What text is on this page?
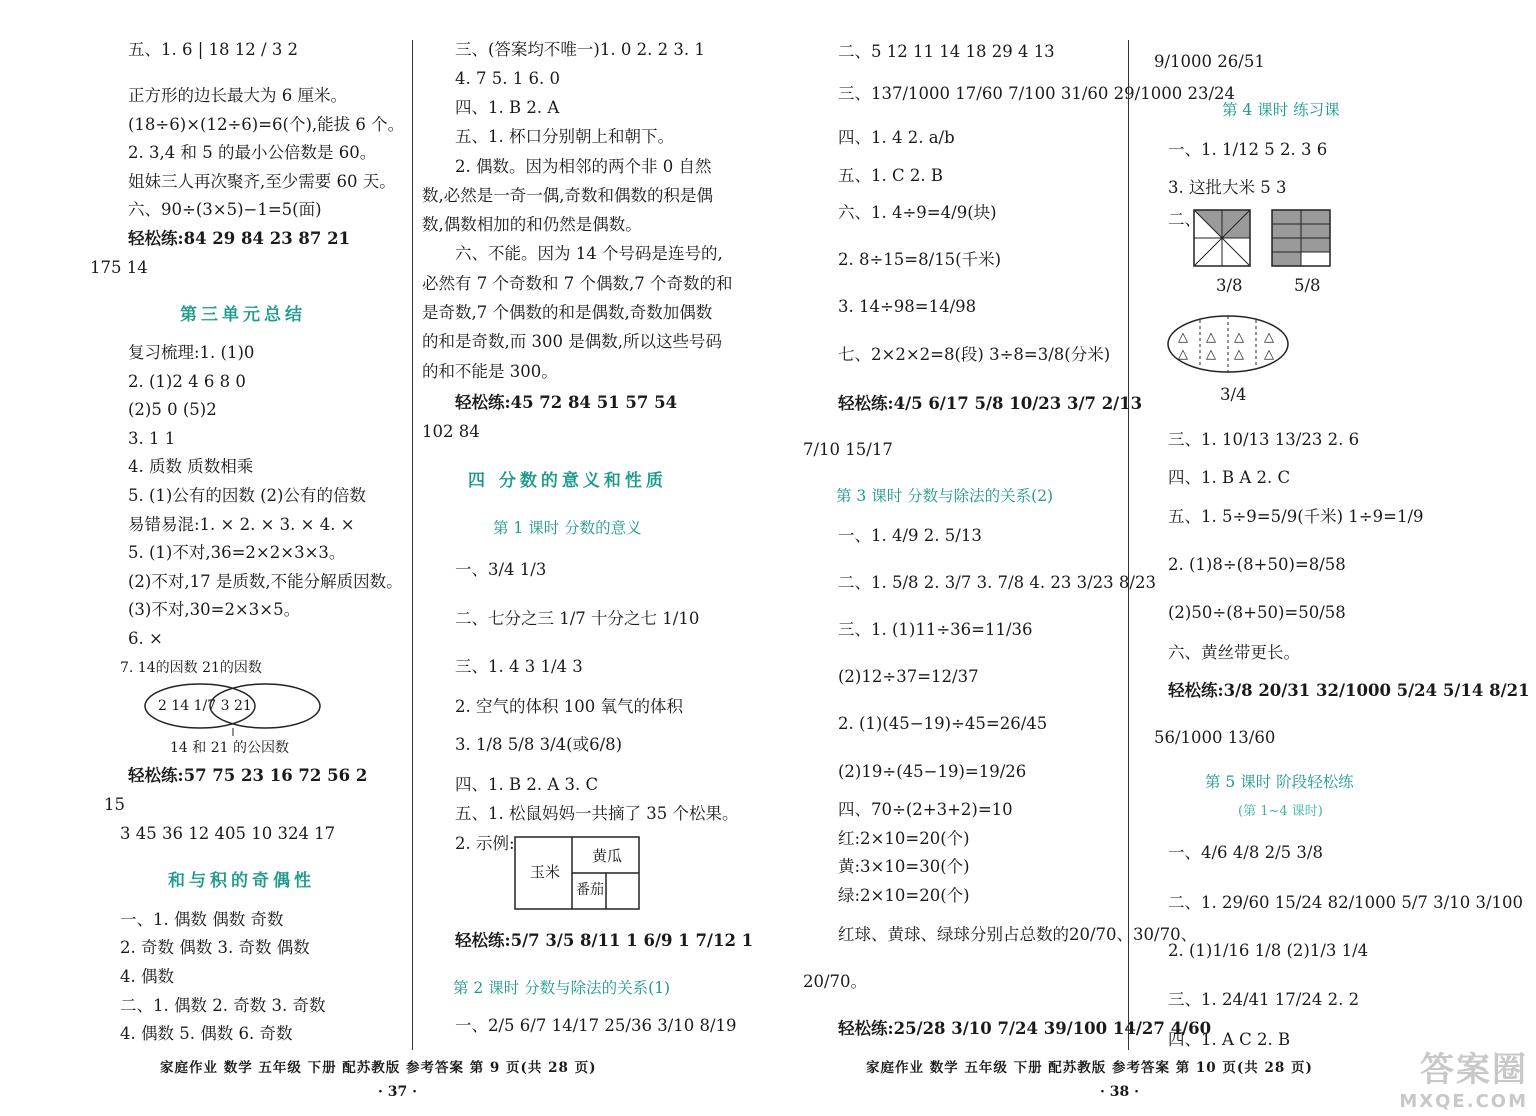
五、1. 6 | 18 12 / 3 2
正方形的边长最大为 6 厘米。
(18÷6)×(12÷6)=6(个),能拔 6 个。
2. 3,4 和 5 的最小公倍数是 60。
姐妹三人再次聚齐,至少需要 60 天。
六、90÷(3×5)−1=5(面)
轻松练:84 29 84 23 87 21
175 14
第三单元总结
复习梳理:1. (1)0
2. (1)2 4 6 8 0
(2)5 0 (5)2
3. 1 1
4. 质数 质数相乘
5. (1)公有的因数 (2)公有的倍数
易错易混:1. × 2. × 3. × 4. ×
5. (1)不对,36=2×2×3×3。
(2)不对,17 是质数,不能分解质因数。
(3)不对,30=2×3×5。
6. ×
7. 14的因数 21的因数
2 14 1/7 3 21
14 和 21 的公因数
轻松练:57 75 23 16 72 56 2
15
3 45 36 12 405 10 324 17
和与积的奇偶性
一、1. 偶数 偶数 奇数
2. 奇数 偶数 3. 奇数 偶数
4. 偶数
二、1. 偶数 2. 奇数 3. 奇数
4. 偶数 5. 偶数 6. 奇数
三、(答案均不唯一)1. 0 2. 2 3. 1
4. 7 5. 1 6. 0
四、1. B 2. A
五、1. 杯口分别朝上和朝下。
2. 偶数。因为相邻的两个非 0 自然
数,必然是一奇一偶,奇数和偶数的积是偶
数,偶数相加的和仍然是偶数。
六、不能。因为 14 个号码是连号的,
必然有 7 个奇数和 7 个偶数,7 个奇数的和
是奇数,7 个偶数的和是偶数,奇数加偶数
的和是奇数,而 300 是偶数,所以这些号码
的和不能是 300。
轻松练:45 72 84 51 57 54
102 84
四 分数的意义和性质
第 1 课时 分数的意义
一、3/4 1/3
二、七分之三 1/7 十分之七 1/10
三、1. 4 3 1/4 3
2. 空气的体积 100 氧气的体积
3. 1/8 5/8 3/4(或6/8)
四、1. B 2. A 3. C
五、1. 松鼠妈妈一共摘了 35 个松果。
2. 示例:
玉米
黄瓜
番茄
轻松练:5/7 3/5 8/11 1 6/9 1 7/12 1
第 2 课时 分数与除法的关系(1)
一、2/5 6/7 14/17 25/36 3/10 8/19
二、5 12 11 14 18 29 4 13
三、137/1000 17/60 7/100 31/60 29/1000 23/24
四、1. 4 2. a/b
五、1. C 2. B
六、1. 4÷9=4/9(块)
2. 8÷15=8/15(千米)
3. 14÷98=14/98
七、2×2×2=8(段) 3÷8=3/8(分米)
轻松练:4/5 6/17 5/8 10/23 3/7 2/13
7/10 15/17
第 3 课时 分数与除法的关系(2)
一、1. 4/9 2. 5/13
二、1. 5/8 2. 3/7 3. 7/8 4. 23 3/23 8/23
三、1. (1)11÷36=11/36
(2)12÷37=12/37
2. (1)(45−19)÷45=26/45
(2)19÷(45−19)=19/26
四、70÷(2+3+2)=10
红:2×10=20(个)
黄:3×10=30(个)
绿:2×10=20(个)
红球、黄球、绿球分别占总数的20/70、30/70、
20/70。
轻松练:25/28 3/10 7/24 39/100 14/27 4/60
9/1000 26/51
第 4 课时 练习课
一、1. 1/12 5 2. 3 6
3. 这批大米 5 3
二、
3/8	5/8
△
△
△
△
△
△
△
△
3/4
三、1. 10/13 13/23 2. 6
四、1. B A 2. C
五、1. 5÷9=5/9(千米) 1÷9=1/9
2. (1)8÷(8+50)=8/58
(2)50÷(8+50)=50/58
六、黄丝带更长。
轻松练:3/8 20/31 32/1000 5/24 5/14 8/21
56/1000 13/60
第 5 课时 阶段轻松练
(第 1~4 课时)
一、4/6 4/8 2/5 3/8
二、1. 29/60 15/24 82/1000 5/7 3/10 3/100
2. (1)1/16 1/8 (2)1/3 1/4
三、1. 24/41 17/24 2. 2
四、1. A C 2. B
家庭作业 数学 五年级 下册 配苏教版 参考答案 第 9 页(共 28 页)
· 37 ·
家庭作业 数学 五年级 下册 配苏教版 参考答案 第 10 页(共 28 页)
· 38 ·
答案圈
MXQE.COM
